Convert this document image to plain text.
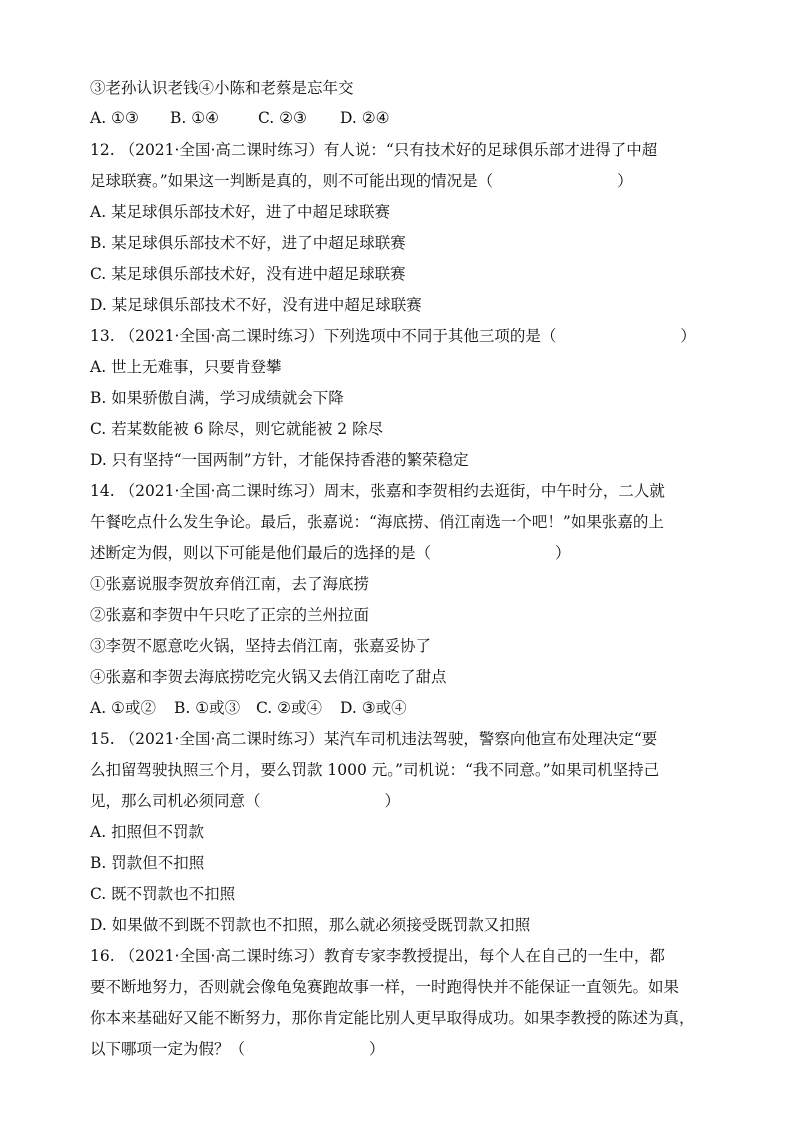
③老孙认识老钱④小陈和老蔡是忘年交
A. ①③ B. ①④	C. ②③ D. ②④
12. （2021·全国·高二课时练习）有人说：“只有技术好的足球俱乐部才进得了中超
足球联赛。”如果这一判断是真的，则不可能出现的情况是（　　　　　　　　）
A. 某足球俱乐部技术好，进了中超足球联赛
B. 某足球俱乐部技术不好，进了中超足球联赛
C. 某足球俱乐部技术好，没有进中超足球联赛
D. 某足球俱乐部技术不好，没有进中超足球联赛
13. （2021·全国·高二课时练习）下列选项中不同于其他三项的是（　　　　　　　　）
A. 世上无难事，只要肯登攀
B. 如果骄傲自满，学习成绩就会下降
C. 若某数能被 6 除尽，则它就能被 2 除尽
D. 只有坚持“一国两制”方针，才能保持香港的繁荣稳定
14. （2021·全国·高二课时练习）周末，张嘉和李贺相约去逛街，中午时分，二人就
午餐吃点什么发生争论。最后，张嘉说：“海底捞、俏江南选一个吧！”如果张嘉的上
述断定为假，则以下可能是他们最后的选择的是（　　　　　　　　）
①张嘉说服李贺放弃俏江南，去了海底捞
②张嘉和李贺中午只吃了正宗的兰州拉面
③李贺不愿意吃火锅，坚持去俏江南，张嘉妥协了
④张嘉和李贺去海底捞吃完火锅又去俏江南吃了甜点
A. ①或② B. ①或③ C. ②或④ D. ③或④
15. （2021·全国·高二课时练习）某汽车司机违法驾驶，警察向他宣布处理决定“要
么扣留驾驶执照三个月，要么罚款 1000 元。”司机说：“我不同意。”如果司机坚持己
见，那么司机必须同意（　　　　　　　　）
A. 扣照但不罚款
B. 罚款但不扣照
C. 既不罚款也不扣照
D. 如果做不到既不罚款也不扣照，那么就必须接受既罚款又扣照
16. （2021·全国·高二课时练习）教育专家李教授提出，每个人在自己的一生中，都
要不断地努力，否则就会像龟兔赛跑故事一样，一时跑得快并不能保证一直领先。如果
你本来基础好又能不断努力，那你肯定能比别人更早取得成功。如果李教授的陈述为真，
以下哪项一定为假？（　　　　　　　　）
